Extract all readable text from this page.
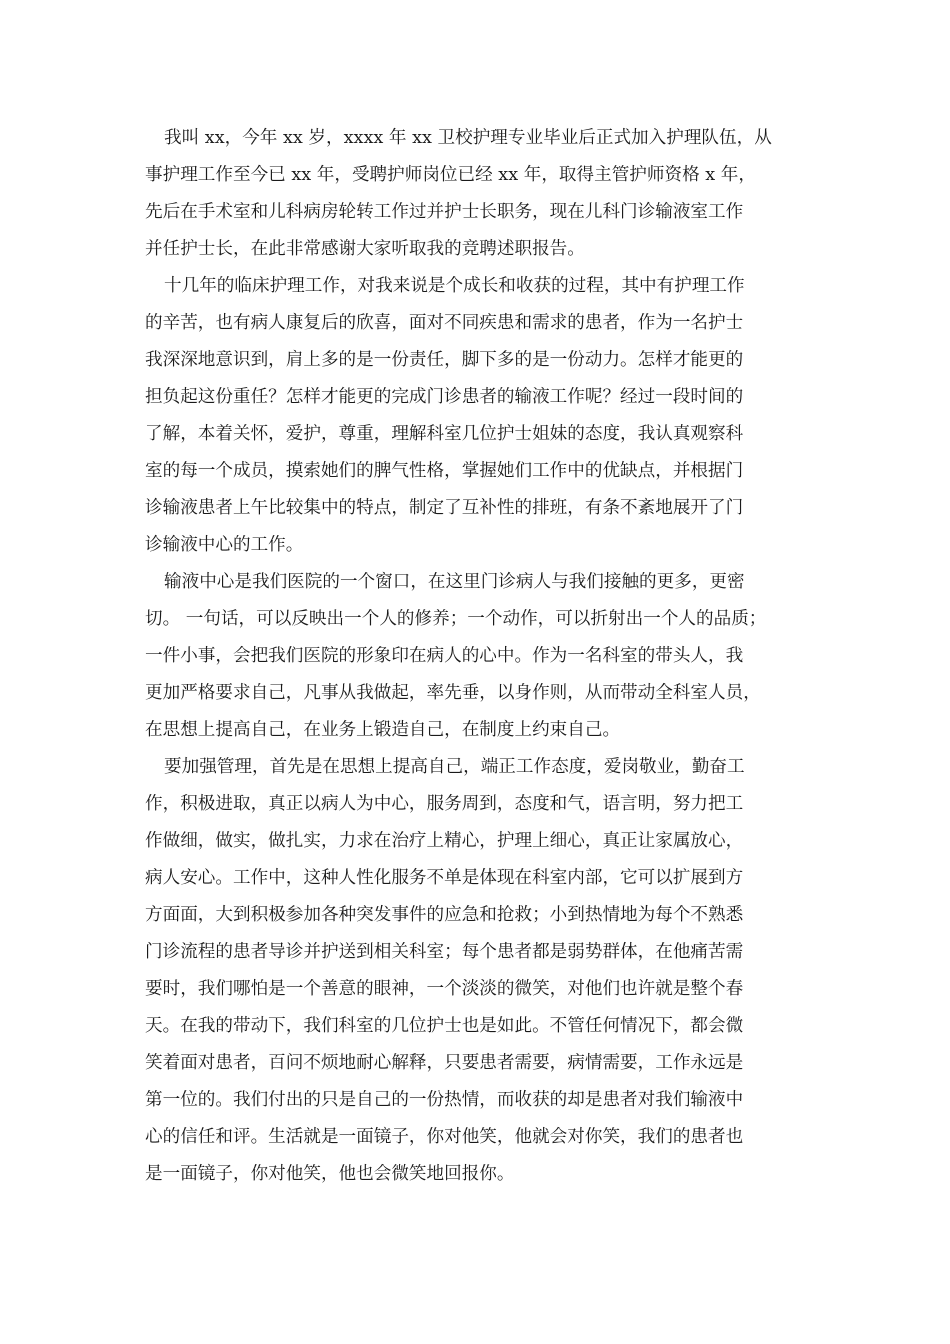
我叫 xx，今年 xx 岁，xxxx 年 xx 卫校护理专业毕业后正式加入护理队伍，从

事护理工作至今已 xx 年，受聘护师岗位已经 xx 年，取得主管护师资格 x 年，

先后在手术室和儿科病房轮转工作过并护士长职务，现在儿科门诊输液室工作

并任护士长，在此非常感谢大家听取我的竞聘述职报告。

十几年的临床护理工作，对我来说是个成长和收获的过程，其中有护理工作

的辛苦，也有病人康复后的欣喜，面对不同疾患和需求的患者，作为一名护士

我深深地意识到，肩上多的是一份责任，脚下多的是一份动力。怎样才能更的

担负起这份重任？怎样才能更的完成门诊患者的输液工作呢？经过一段时间的

了解，本着关怀，爱护，尊重，理解科室几位护士姐妹的态度，我认真观察科

室的每一个成员，摸索她们的脾气性格，掌握她们工作中的优缺点，并根据门

诊输液患者上午比较集中的特点，制定了互补性的排班，有条不紊地展开了门

诊输液中心的工作。

输液中心是我们医院的一个窗口，在这里门诊病人与我们接触的更多，更密

切。 一句话，可以反映出一个人的修养；一个动作，可以折射出一个人的品质；

一件小事，会把我们医院的形象印在病人的心中。作为一名科室的带头人，我

更加严格要求自己，凡事从我做起，率先垂，以身作则，从而带动全科室人员，

在思想上提高自己，在业务上锻造自己，在制度上约束自己。

要加强管理，首先是在思想上提高自己，端正工作态度，爱岗敬业，勤奋工

作，积极进取，真正以病人为中心，服务周到，态度和气，语言明，努力把工

作做细，做实，做扎实，力求在治疗上精心，护理上细心，真正让家属放心，

病人安心。工作中，这种人性化服务不单是体现在科室内部，它可以扩展到方

方面面，大到积极参加各种突发事件的应急和抢救；小到热情地为每个不熟悉

门诊流程的患者导诊并护送到相关科室；每个患者都是弱势群体，在他痛苦需

要时，我们哪怕是一个善意的眼神，一个淡淡的微笑，对他们也许就是整个春

天。在我的带动下，我们科室的几位护士也是如此。不管任何情况下，都会微

笑着面对患者，百问不烦地耐心解释，只要患者需要，病情需要，工作永远是

第一位的。我们付出的只是自己的一份热情，而收获的却是患者对我们输液中

心的信任和评。生活就是一面镜子，你对他笑，他就会对你笑，我们的患者也

是一面镜子，你对他笑，他也会微笑地回报你。
